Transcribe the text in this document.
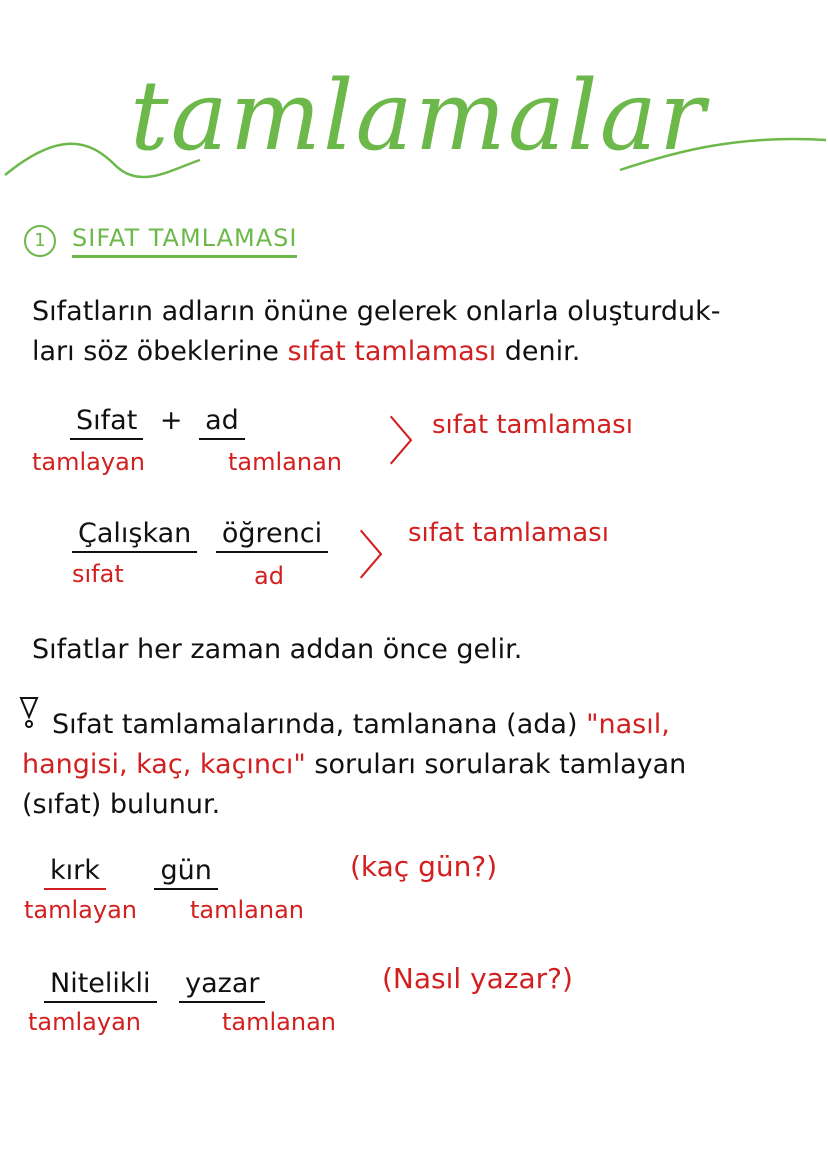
tamlamalar
1	SIFAT TAMLAMASI
Sıfatların adların önüne gelerek onlarla oluşturduk-
ları söz öbeklerine sıfat tamlaması denir.
Sıfat + ad
tamlayan	tamlanan 〉
sıfat tamlaması
Çalışkan öğrenci
sıfat	ad 〉
sıfat tamlaması
Sıfatlar her zaman addan önce gelir.
Sıfat tamlamalarında, tamlanana (ada) "nasıl,
hangisi, kaç, kaçıncı" soruları sorularak tamlayan
(sıfat) bulunur.
kırk gün	(kaç gün?)
tamlayan tamlanan
Nitelikli yazar	(Nasıl yazar?)
tamlayan	tamlanan
